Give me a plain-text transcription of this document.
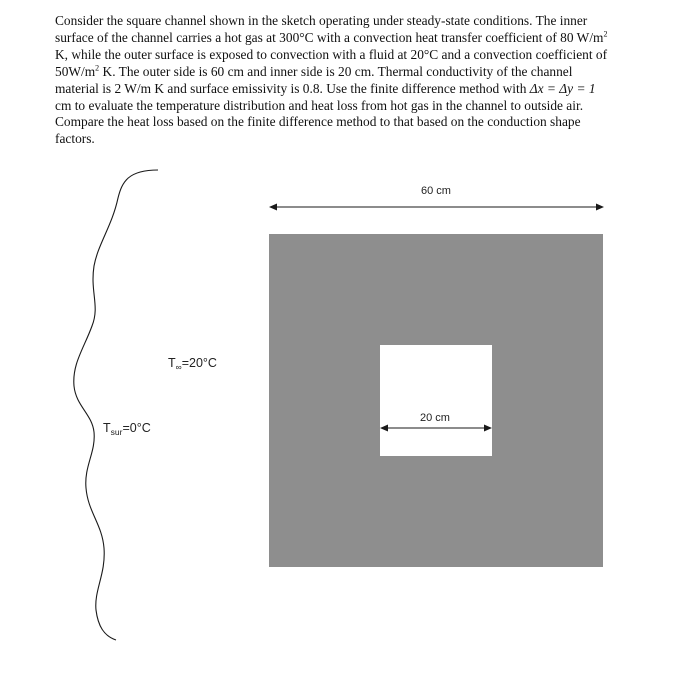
Consider the square channel shown in the sketch operating under steady-state conditions. The inner surface of the channel carries a hot gas at 300°C with a convection heat transfer coefficient of 80 $W/m^2$ K, while the outer surface is exposed to convection with a fluid at 20°C and a convection coefficient of $50W/m^2$ K. The outer side is 60 cm and inner side is 20 cm. Thermal conductivity of the channel material is 2 W/m K and surface emissivity is 0.8. Use the finite difference method with Δx = Δy = 1 cm to evaluate the temperature distribution and heat loss from hot gas in the channel to outside air. Compare the heat loss based on the finite difference method to that based on the conduction shape factors.

60 cm
20 cm
$T_\infty=20^\circ C$
$T_{sur}=0^\circ C$
